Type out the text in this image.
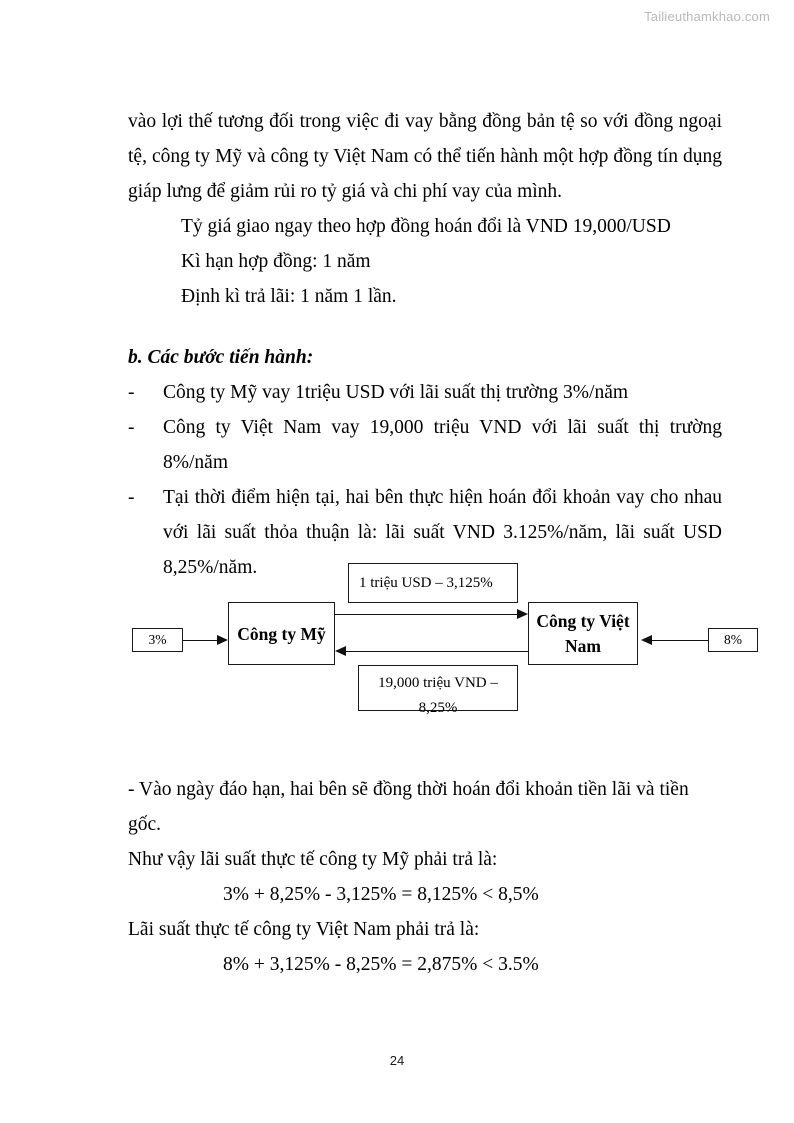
Tailieuthamkhao.com

vào lợi thế tương đối trong việc đi vay bằng đồng bản tệ so với đồng ngoại tệ, công ty Mỹ và công ty Việt Nam có thể tiến hành một hợp đồng tín dụng giáp lưng để giảm rủi ro tỷ giá và chi phí vay của mình.

Tỷ giá giao ngay theo hợp đồng hoán đổi là VND 19,000/USD
Kì hạn hợp đồng: 1 năm
Định kì trả lãi: 1 năm 1 lần.
b. Các bước tiến hành:
- Công ty Mỹ vay 1triệu USD với lãi suất thị trường 3%/năm
- Công ty Việt Nam vay 19,000 triệu VND với lãi suất thị trường 8%/năm
- Tại thời điểm hiện tại, hai bên thực hiện hoán đổi khoản vay cho nhau với lãi suất thỏa thuận là: lãi suất VND 3.125%/năm, lãi suất USD 8,25%/năm.
1 triệu USD – 3,125%
Công ty Mỹ
Công ty Việt Nam
19,000 triệu VND – 8,25%
3%	8%

- Vào ngày đáo hạn, hai bên sẽ đồng thời hoán đổi khoản tiền lãi và tiền gốc.

Như vậy lãi suất thực tế công ty Mỹ phải trả là:

3% + 8,25% - 3,125% = 8,125% < 8,5%

Lãi suất thực tế công ty Việt Nam phải trả là:

8% + 3,125% - 8,25% = 2,875% < 3.5%
24
